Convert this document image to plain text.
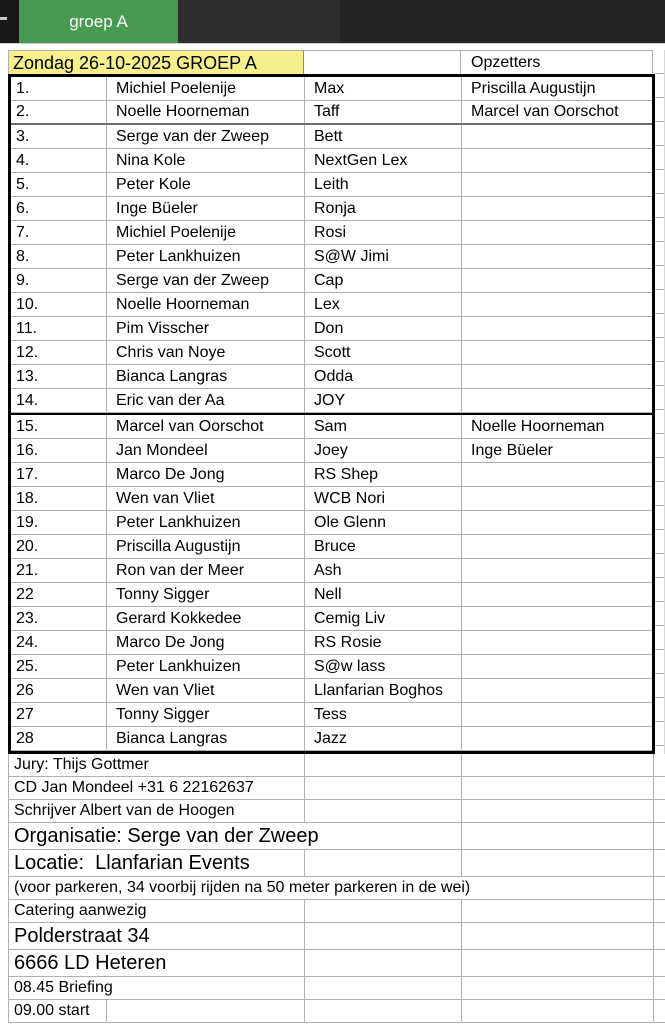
groep A
Zondag 26-10-2025 GROEP A	Opzetters
1.	Michiel Poelenije	Max	Priscilla Augustijn
2.	Noelle Hoorneman	Taff	Marcel van Oorschot
3.	Serge van der Zweep	Bett
4.	Nina Kole	NextGen Lex
5.	Peter Kole	Leith
6.	Inge Büeler	Ronja
7.	Michiel Poelenije	Rosi
8.	Peter Lankhuizen	S@W Jimi
9.	Serge van der Zweep	Cap
10.	Noelle Hoorneman	Lex
11.	Pim Visscher	Don
12.	Chris van Noye	Scott
13.	Bianca Langras	Odda
14.	Eric van der Aa	JOY
15.	Marcel van Oorschot	Sam	Noelle Hoorneman
16.	Jan Mondeel	Joey	Inge Büeler
17.	Marco De Jong	RS Shep
18.	Wen van Vliet	WCB Nori
19.	Peter Lankhuizen	Ole Glenn
20.	Priscilla Augustijn	Bruce
21.	Ron van der Meer	Ash
22	Tonny Sigger	Nell
23.	Gerard Kokkedee	Cemig Liv
24.	Marco De Jong	RS Rosie
25.	Peter Lankhuizen	S@w lass
26	Wen van Vliet	Llanfarian Boghos
27	Tonny Sigger	Tess
28	Bianca Langras	Jazz
Jury: Thijs Gottmer
CD Jan Mondeel +31 6 22162637
Schrijver Albert van de Hoogen
Organisatie: Serge van der Zweep
Locatie:  Llanfarian Events
(voor parkeren, 34 voorbij rijden na 50 meter parkeren in de wei)
Catering aanwezig
Polderstraat 34
6666 LD Heteren
08.45 Briefing
09.00 start
